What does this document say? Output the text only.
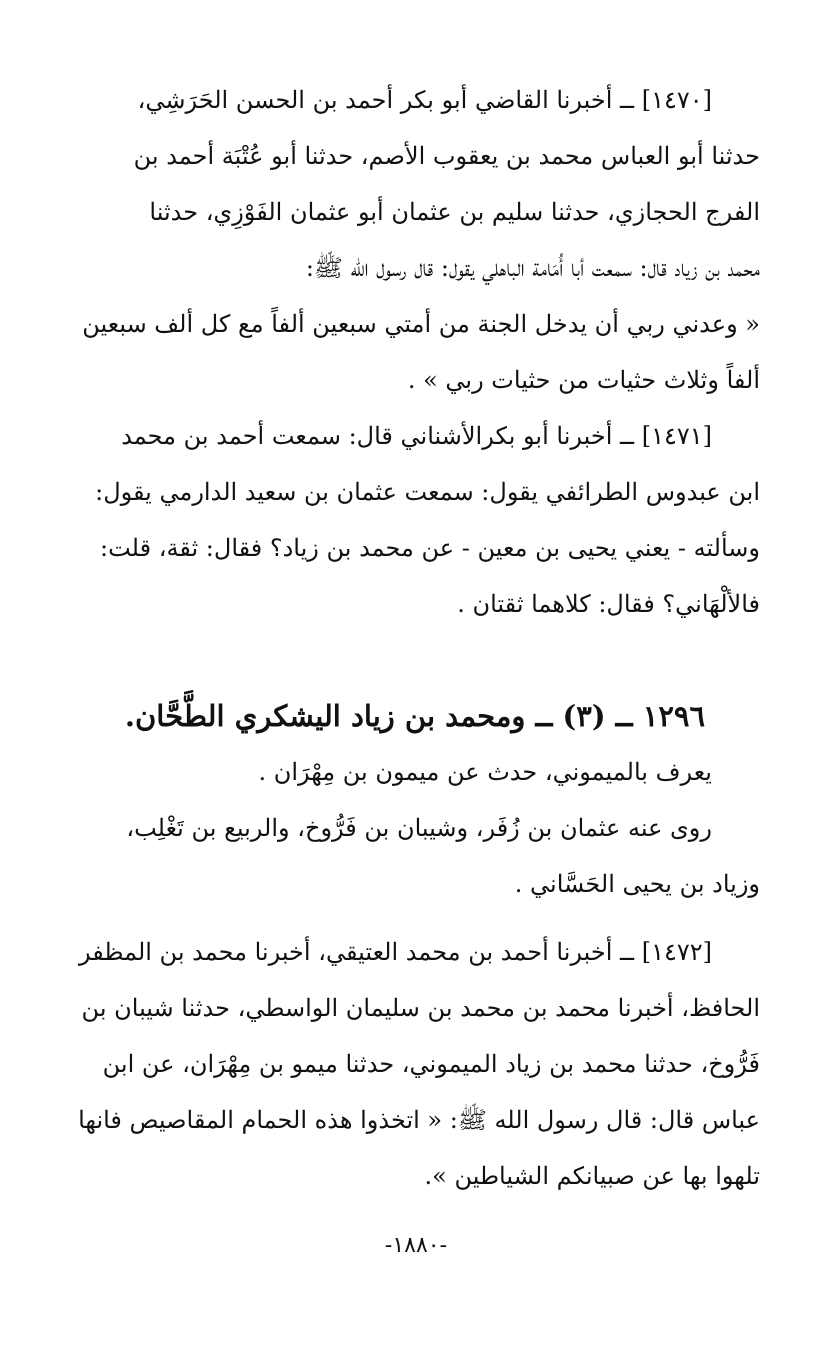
[١٤٧٠] ــ أخبرنا القاضي أبو بكر أحمد بن الحسن الحَرَشِي،
حدثنا أبو العباس محمد بن يعقوب الأصم، حدثنا أبو عُتْبَة أحمد بن
الفرج الحجازي، حدثنا سليم بن عثمان أبو عثمان الفَوْزِي، حدثنا
محمد بن زياد قال: سمعت أبا أُمَامة الباهلي يقول: قال رسول الله ﷺ:
« وعدني ربي أن يدخل الجنة من أمتي سبعين ألفاً مع كل ألف سبعين
ألفاً وثلاث حثيات من حثيات ربي » .
[١٤٧١] ــ أخبرنا أبو بكرالأشناني قال: سمعت أحمد بن محمد
ابن عبدوس الطرائفي يقول: سمعت عثمان بن سعيد الدارمي يقول:
وسألته - يعني يحيى بن معين - عن محمد بن زياد؟ فقال: ثقة، قلت:
فالألْهَاني؟ فقال: كلاهما ثقتان .
١٢٩٦ ــ (٣) ــ ومحمد بن زياد اليشكري الطَّحَّان.
يعرف بالميموني، حدث عن ميمون بن مِهْرَان .
روى عنه عثمان بن زُفَر، وشيبان بن فَرُّوخ، والربيع بن تَغْلِب،
وزياد بن يحيى الحَسَّاني .
[١٤٧٢] ــ أخبرنا أحمد بن محمد العتيقي، أخبرنا محمد بن المظفر
الحافظ، أخبرنا محمد بن محمد بن سليمان الواسطي، حدثنا شيبان بن
فَرُّوخ، حدثنا محمد بن زياد الميموني، حدثنا ميمو بن مِهْرَان، عن ابن
عباس قال: قال رسول الله ﷺ: « اتخذوا هذه الحمام المقاصيص فانها
تلهوا بها عن صبيانكم الشياطين ».
-١٨٨٠-
